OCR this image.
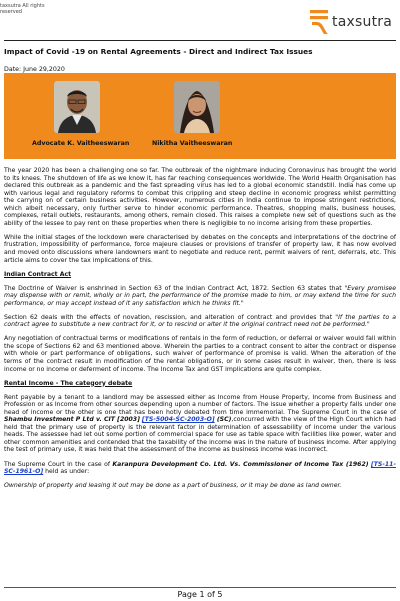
taxsutra All rights reserved
taxsutra
Impact of Covid -19 on Rental Agreements - Direct and Indirect Tax Issues
Date: June 29,2020
Advocate K. Vaitheeswaran	Nikitha Vaitheeswaran

The year 2020 has been a challenging one so far. The outbreak of the nightmare inducing Coronavirus has brought the world to its knees. The shutdown of life as we know it, has far reaching consequences worldwide. The World Health Organisation has declared this outbreak as a pandemic and the fast spreading virus has led to a global economic standstill. India has come up with various legal and regulatory reforms to combat this crippling and steep decline in economic progress whilst permitting the carrying on of certain business activities. However, numerous cities in India continue to impose stringent restrictions, which albeit necessary, only further serve to hinder economic performance. Theatres, shopping malls, business houses, complexes, retail outlets, restaurants, among others, remain closed. This raises a complete new set of questions such as the ability of the lessee to pay rent on these properties when there is negligible to no income arising from these properties.

While the initial stages of the lockdown were characterised by debates on the concepts and interpretations of the doctrine of frustration, impossibility of performance, force majeure clauses or provisions of transfer of property law, it has now evolved and moved onto discussions where landowners want to negotiate and reduce rent, permit waivers of rent, deferrals, etc. This article aims to cover the tax implications of this.

Indian Contract Act

The Doctrine of Waiver is enshrined in Section 63 of the Indian Contract Act, 1872. Section 63 states that "Every promisee may dispense with or remit, wholly or in part, the performance of the promise made to him, or may extend the time for such performance, or may accept instead of it any satisfaction which he thinks fit."

Section 62 deals with the effects of novation, rescission, and alteration of contract and provides that "If the parties to a contract agree to substitute a new contract for it, or to rescind or alter it the original contract need not be performed."

Any negotiation of contractual terms or modifications of rentals in the form of reduction, or deferral or waiver would fall within the scope of Sections 62 and 63 mentioned above. Wherein the parties to a contract consent to alter the contract or dispense with whole or part performance of obligations, such waiver of performance of promise is valid. When the alteration of the terms of the contract result in modification of the rental obligations, or in some cases result in waiver, then, there is less income or no income or deferment of income. The Income Tax and GST implications are quite complex.

Rental Income - The category debate

Rent payable by a tenant to a landlord may be assessed either as Income from House Property, Income from Business and Profession or as Income from other sources depending upon a number of factors. The issue whether a property falls under one head of income or the other is one that has been hotly debated from time immemorial. The Supreme Court in the case of Shambu Investment P Ltd v. CIT [2003] [TS-5004-SC-2003-O] (SC),concurred with the view of the High Court which had held that the primary use of property is the relevant factor in determination of assessability of income under the various heads. The assessee had let out some portion of commercial space for use as table space with facilities like power, water and other common amenities and contended that the taxability of the income was in the nature of business income. After applying the test of primary use, it was held that the assessment of the income as business income was incorrect.

The Supreme Court in the case of Karanpura Development Co. Ltd. Vs. Commissioner of Income Tax (1962) [TS-11-SC-1961-O] held as under:

Ownership of property and leasing it out may be done as a part of business, or it may be done as land owner.

Page 1 of 5
